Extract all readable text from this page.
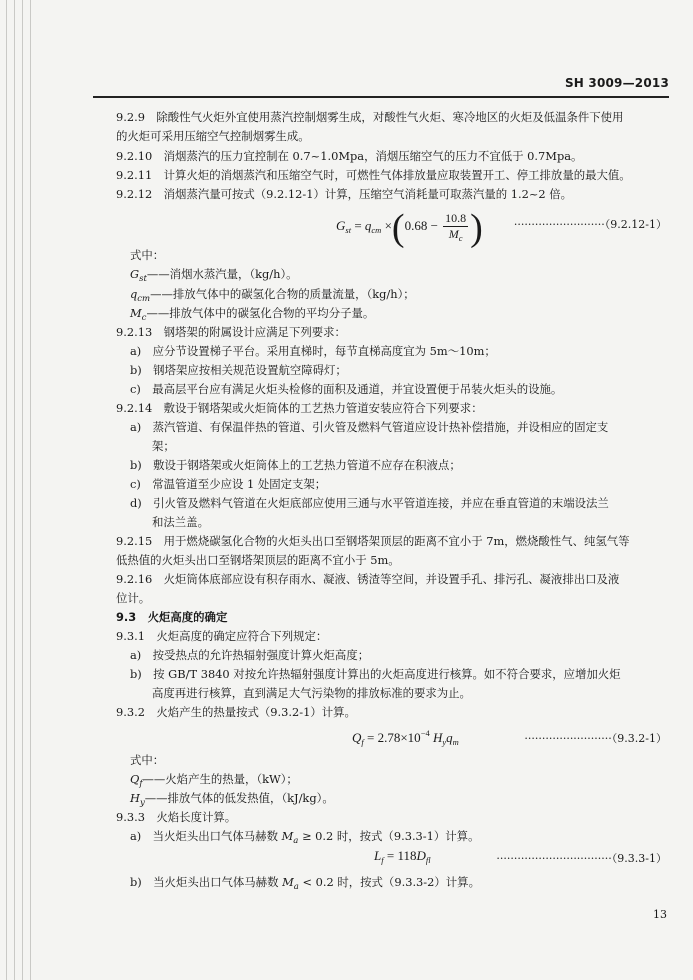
SH 3009—2013
9.2.9　 除酸性气火炬外宜使用蒸汽控制烟雾生成，对酸性气火炬、寒冷地区的火炬及低温条件下使用
的火炬可采用压缩空气控制烟雾生成。
9.2.10　 消烟蒸汽的压力宜控制在 0.7~1.0Mpa，消烟压缩空气的压力不宜低于 0.7Mpa。
9.2.11　 计算火炬的消烟蒸汽和压缩空气时，可燃性气体排放量应取装置开工、停工排放量的最大值。
9.2.12　 消烟蒸汽量可按式（9.2.12-1）计算，压缩空气消耗量可取蒸汽量的 1.2~2 倍。
$G_{st} = q_{cm} \times(0.68 - \frac{10.8}{M_c}$ )	··························（9.2.12-1）
式中：
$G_{st}——$消烟水蒸汽量，（kg/h）。
$q_{cm}——$排放气体中的碳氢化合物的质量流量，（kg/h）；
$M_c——$排放气体中的碳氢化合物的平均分子量。
9.2.13　 钢塔架的附属设计应满足下列要求：
a)　 应分节设置梯子平台。采用直梯时，每节直梯高度宜为 5m～10m；
b)　 钢塔架应按相关规范设置航空障碍灯；
c)　 最高层平台应有满足火炬头检修的面积及通道，并宜设置便于吊装火炬头的设施。
9.2.14　 敷设于钢塔架或火炬筒体的工艺热力管道安装应符合下列要求：
a)　 蒸汽管道、有保温伴热的管道、引火管及燃料气管道应设计热补偿措施，并设相应的固定支
架；
b)　 敷设于钢塔架或火炬筒体上的工艺热力管道不应存在积液点；
c)　 常温管道至少应设 1 处固定支架；
d)　 引火管及燃料气管道在火炬底部应使用三通与水平管道连接，并应在垂直管道的末端设法兰
和法兰盖。
9.2.15　 用于燃烧碳氢化合物的火炬头出口至钢塔架顶层的距离不宜小于 7m，燃烧酸性气、纯氢气等
低热值的火炬头出口至钢塔架顶层的距离不宜小于 5m。
9.2.16　 火炬筒体底部应设有积存雨水、凝液、锈渣等空间，并设置手孔、排污孔、凝液排出口及液
位计。
9.3　 火炬高度的确定
9.3.1　 火炬高度的确定应符合下列规定：
a)　 按受热点的允许热辐射强度计算火炬高度；
b)　 按 GB/T 3840 对按允许热辐射强度计算出的火炬高度进行核算。如不符合要求，应增加火炬
高度再进行核算，直到满足大气污染物的排放标准的要求为止。
9.3.2　 火焰产生的热量按式（9.3.2-1）计算。
$Q_f = 2.78\times 10^{-4}$ $H_yq_m$	·························（9.3.2-1）
式中：
$Q_f——$火焰产生的热量，（kW）；
$H_y——$排放气体的低发热值，（kJ/kg）。
9.3.3　 火焰长度计算。
a)　 当火炬头出口气体马赫数 $M_a \ge 0.2$ 时，按式（9.3.3-1）计算。
$L_f = 118D_{fl}$	·································（9.3.3-1）
b)　 当火炬头出口气体马赫数 $M_a < 0.2$ 时，按式（9.3.3-2）计算。
13
